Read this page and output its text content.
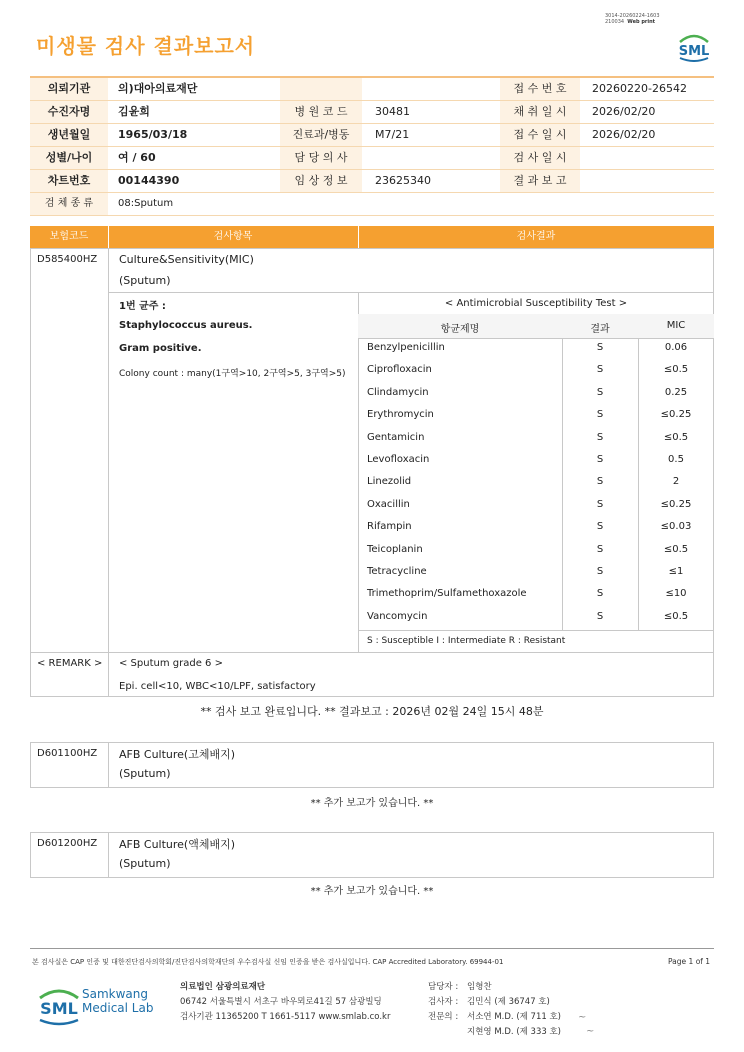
미생물 검사 결과보고서
3014-20260224-1603
210034 Web print
SML
의뢰기관	의)대아의료재단	접 수 번 호	20260220-26542
수진자명	김윤희	병 원 코 드	30481	채 취 일 시	2026/02/20
생년월일	1965/03/18	진료과/병동	M7/21	접 수 일 시	2026/02/20
성별/나이	여 / 60	담 당 의 사	검 사 일 시
차트번호	00144390	임 상 정 보	23625340	결 과 보 고
검 체 종 류	08:Sputum
보험코드	검사항목	검사결과
D585400HZ Culture&Sensitivity(MIC)
(Sputum)
1번 균주 :
Staphylococcus aureus.
Gram positive.
Colony count : many(1구역>10, 2구역>5, 3구역>5)
< Antimicrobial Susceptibility Test >
항균제명	결과	MIC
Benzylpenicillin	S	0.06
Ciprofloxacin	S	≤0.5
Clindamycin	S	0.25
Erythromycin	S	≤0.25
Gentamicin	S	≤0.5
Levofloxacin	S	0.5
Linezolid	S	2
Oxacillin	S	≤0.25
Rifampin	S	≤0.03
Teicoplanin	S	≤0.5
Tetracycline	S	≤1
Trimethoprim/Sulfamethoxazole	S	≤10
Vancomycin	S	≤0.5
S : Susceptible I : Intermediate R : Resistant
< REMARK > < Sputum grade 6 >
Epi. cell<10, WBC<10/LPF, satisfactory
** 검사 보고 완료입니다. ** 결과보고 : 2026년 02월 24일 15시 48분
D601100HZ AFB Culture(고체배지)
(Sputum)
** 추가 보고가 있습니다. **
D601200HZ AFB Culture(액체배지)
(Sputum)
** 추가 보고가 있습니다. **
본 검사실은 CAP 인증 및 대한진단검사의학회/진단검사의학재단의 우수검사실 신임 인증을 받은 검사실입니다. CAP Accredited Laboratory. 69944-01	Page 1 of 1
SML
Samkwang
Medical Lab
의료법인 삼광의료재단
06742 서울특별시 서초구 바우뫼로41길 57 삼광빌딩
검사기관 11365200 T 1661-5117 www.smlab.co.kr
담당자 : 임형찬
검사자 : 김민식 (제 36747 호)
전문의 : 서소연 M.D. (제 711 호)
지현영 M.D. (제 333 호)
~
~
